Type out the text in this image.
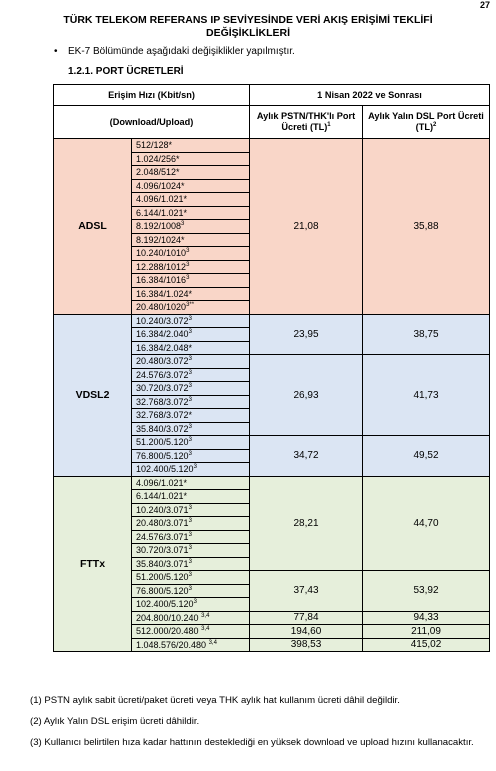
27
TÜRK TELEKOM REFERANS IP SEVİYESİNDE VERİ AKIŞ ERİŞİMİ TEKLİFİ DEĞİŞİKLİKLERİ
• EK-7 Bölümünde aşağıdaki değişiklikler yapılmıştır.
1.2.1. PORT ÜCRETLERİ
Erişim Hızı (Kbit/sn)		1 Nisan 2022 ve Sonrası	
		Aylık PSTN/THK'lı Port Ücreti (TL)$^1$	Aylık Yalın DSL Port Ücreti (TL)$^2$
(Download/Upload)			
ADSL	512/128*	21,08	35,88
	1.024/256*		
	2.048/512*		
	4.096/1024*		
	4.096/1.021*		
	6.144/1.021*		
	8.192/1008$^3$
	8.192/1024*		
	10.240/1010$^3$
	12.288/1012$^3$
	16.384/1016$^3$
	16.384/1.024*		
	$20.480/1020^{3**}$
VDSL2	10.240/3.072$^3$	23,95	38,75
	16.384/2.040$^3$
	16.384/2.048*		
	20.480/3.072$^3$	26,93	41,73
	24.576/3.072$^3$
	30.720/3.072$^3$
	32.768/3.072$^3$
	32.768/3.072*		
	35.840/3.072$^3$
	51.200/5.120$^3$	34,72	49,52
	76.800/5.120$^3$
	102.400/5.120$^3$
FTTx	4.096/1.021*	28,21	44,70
	6.144/1.021*		
	10.240/3.071$^3$
	20.480/3.071$^3$
	24.576/3.071$^3$
	30.720/3.071$^3$
	35.840/3.071$^3$
	51.200/5.120$^3$	37,43	53,92
	76.800/5.120$^3$
	102.400/5.120$^3$
	204.800/10.240 $^{3,4}$	77,84	94,33
	512.000/20.480 $^{3,4}$	194,60	211,09
	1.048.576/20.480 $^{3,4}$	398,53	415,02

(1) PSTN aylık sabit ücreti/paket ücreti veya THK aylık hat kullanım ücreti dâhil değildir.

(2) Aylık Yalın DSL erişim ücreti dâhildir.

(3) Kullanıcı belirtilen hıza kadar hattının desteklediği en yüksek download ve upload hızını kullanacaktır.
